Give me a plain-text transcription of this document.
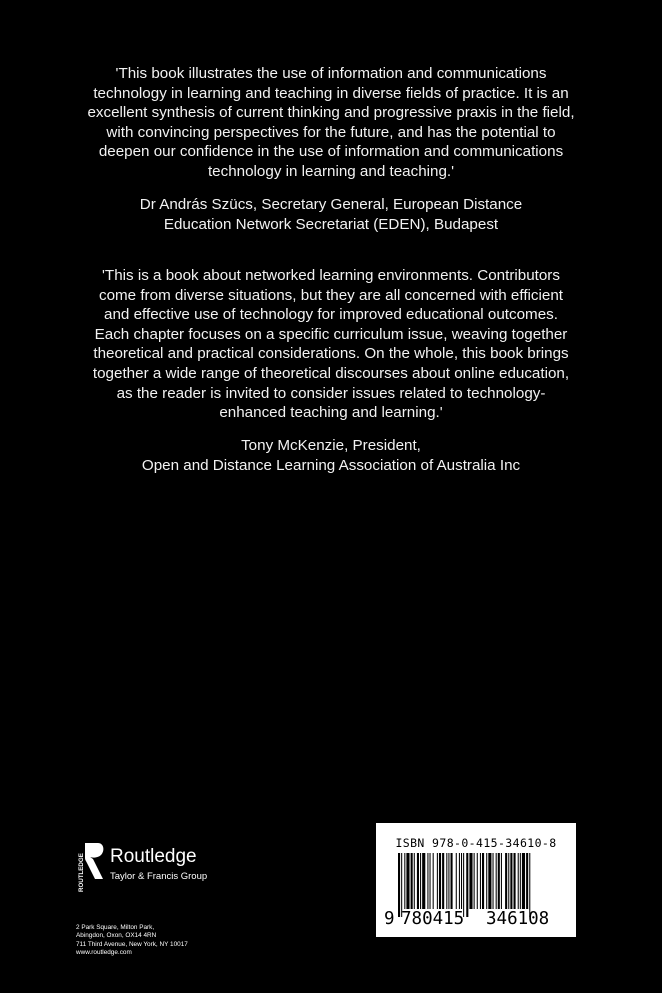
'This book illustrates the use of information and communications

technology in learning and teaching in diverse fields of practice. It is an

excellent synthesis of current thinking and progressive praxis in the field,

with convincing perspectives for the future, and has the potential to

deepen our confidence in the use of information and communications

technology in learning and teaching.'

Dr András Szücs, Secretary General, European Distance
Education Network Secretariat (EDEN), Budapest

'This is a book about networked learning environments. Contributors

come from diverse situations, but they are all concerned with efficient

and effective use of technology for improved educational outcomes.

Each chapter focuses on a specific curriculum issue, weaving together

theoretical and practical considerations. On the whole, this book brings

together a wide range of theoretical discourses about online education,

as the reader is invited to consider issues related to technology-

enhanced teaching and learning.'

Tony McKenzie, President,
Open and Distance Learning Association of Australia Inc
ROUTLEDGE Routledge
Taylor & Francis Group
2 Park Square, Milton Park,
Abingdon, Oxon, OX14 4RN
711 Third Avenue, New York, NY 10017
www.routledge.com
ISBN 978-0-415-34610-8
9 780415 346108
